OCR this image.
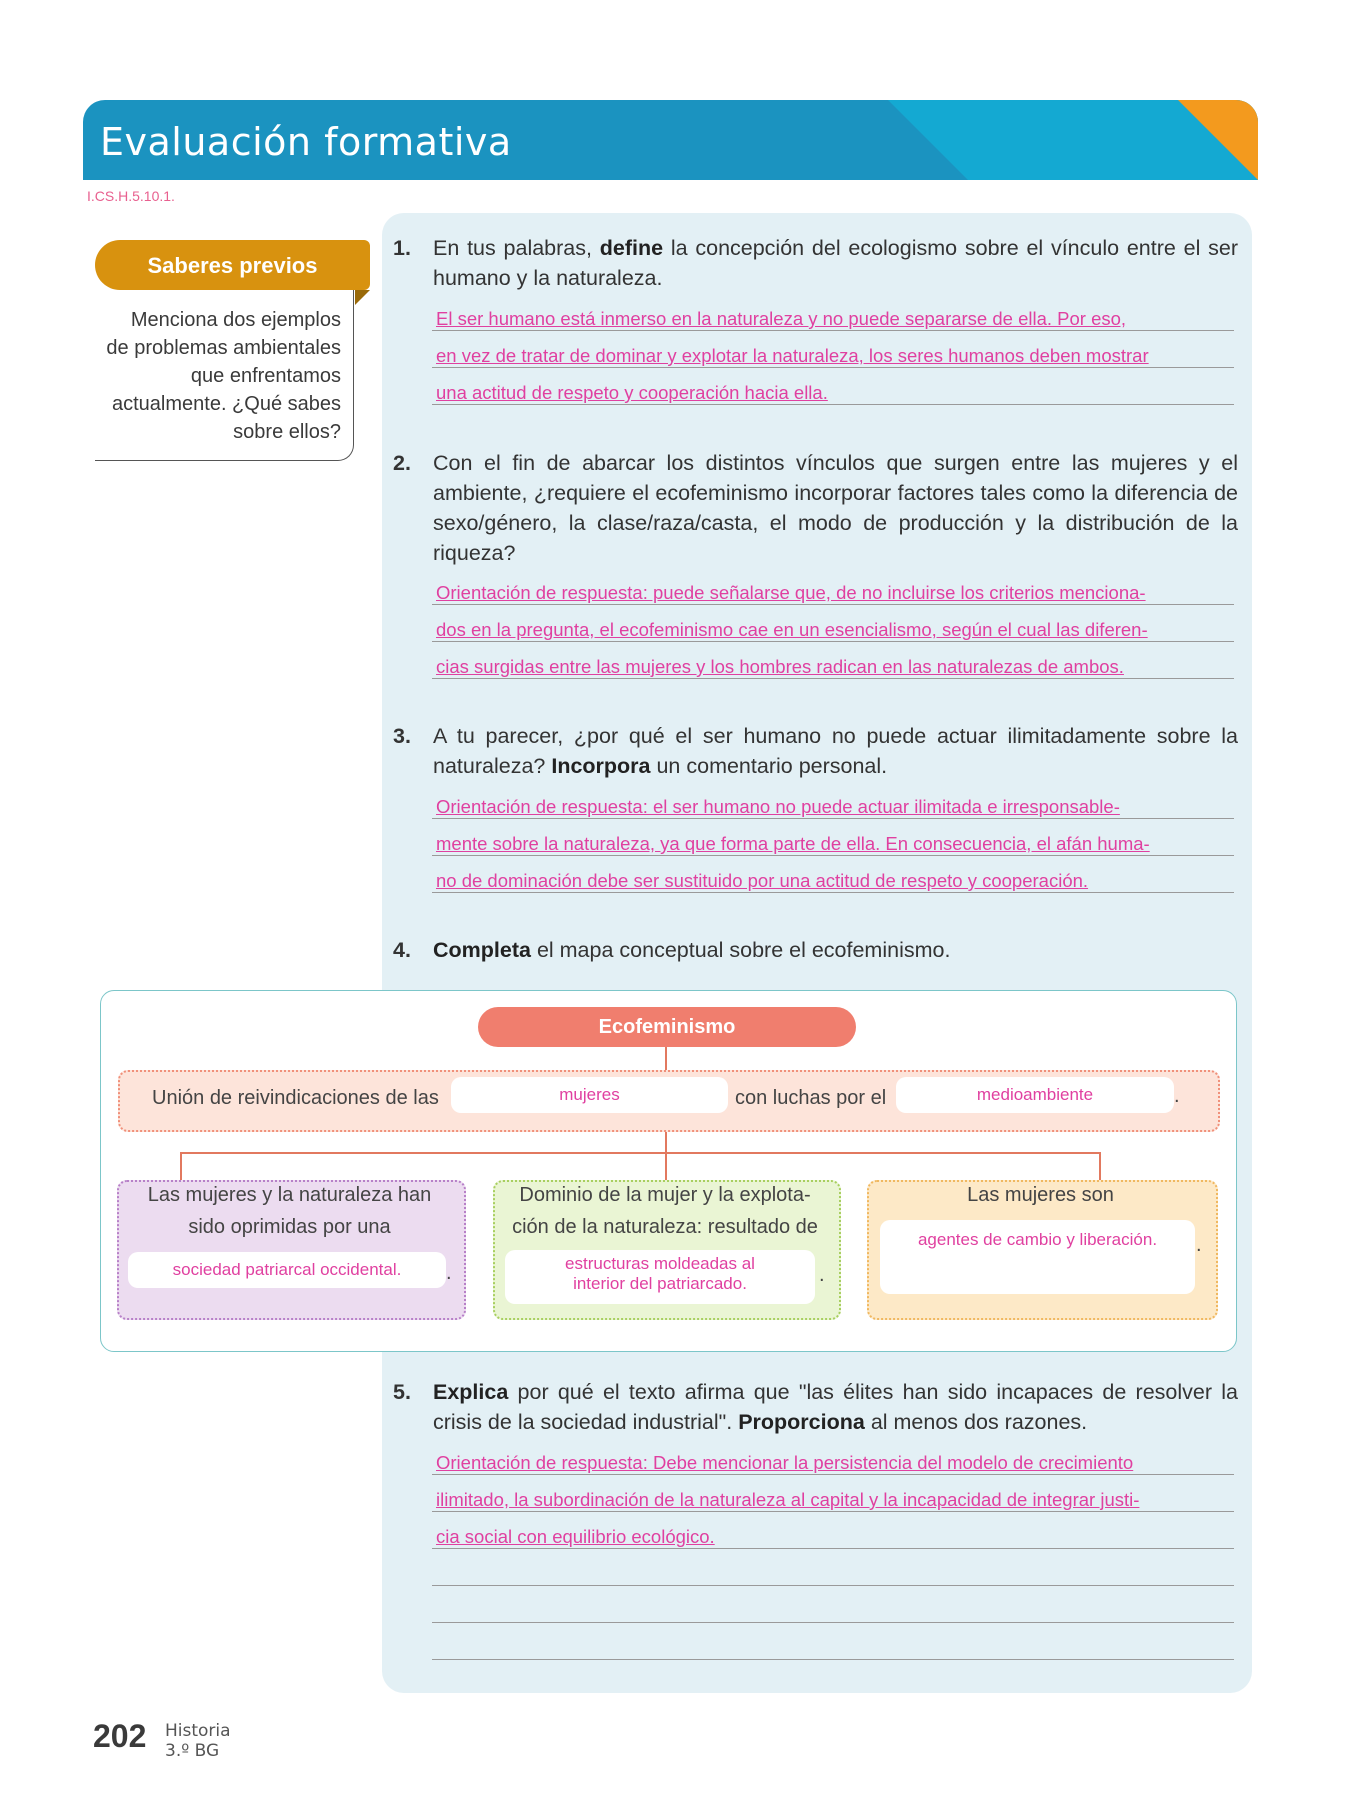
Evaluación formativa
DUA
Acción y expresión
I.CS.H.5.10.1.
Menciona dos ejemplos
de problemas ambientales
que enfrentamos
actualmente. ¿Qué sabes
sobre ellos?
Saberes previos
1. En tus palabras, define la concepción del ecologismo sobre el vínculo entre el ser humano y la naturaleza.
El ser humano está inmerso en la naturaleza y no puede separarse de ella. Por eso,
en vez de tratar de dominar y explotar la naturaleza, los seres humanos deben mostrar
una actitud de respeto y cooperación hacia ella.
2. Con el fin de abarcar los distintos vínculos que surgen entre las mujeres y el ambiente, ¿requiere el ecofeminismo incorporar factores tales como la diferencia de sexo/género, la clase/raza/casta, el modo de producción y la distribución de la riqueza?
Orientación de respuesta: puede señalarse que, de no incluirse los criterios menciona-
dos en la pregunta, el ecofeminismo cae en un esencialismo, según el cual las diferen-
cias surgidas entre las mujeres y los hombres radican en las naturalezas de ambos.
3. A tu parecer, ¿por qué el ser humano no puede actuar ilimitadamente sobre la naturaleza? Incorpora un comentario personal.
Orientación de respuesta: el ser humano no puede actuar ilimitada e irresponsable-
mente sobre la naturaleza, ya que forma parte de ella. En consecuencia, el afán huma-
no de dominación debe ser sustituido por una actitud de respeto y cooperación.
4. Completa el mapa conceptual sobre el ecofeminismo.
Ecofeminismo
Unión de reivindicaciones de las	mujeres	con luchas por el	medioambiente	.
Las mujeres y la naturaleza han
sido oprimidas por una
sociedad patriarcal occidental.	.
Dominio de la mujer y la explota-
ción de la naturaleza: resultado de
estructuras moldeadas al
interior del patriarcado.	.
Las mujeres son
agentes de cambio y liberación.	.
5. Explica por qué el texto afirma que "las élites han sido incapaces de resolver la crisis de la sociedad industrial". Proporciona al menos dos razones.
Orientación de respuesta: Debe mencionar la persistencia del modelo de crecimiento
ilimitado, la subordinación de la naturaleza al capital y la incapacidad de integrar justi-
cia social con equilibrio ecológico.
202 Historia
3.º BG
